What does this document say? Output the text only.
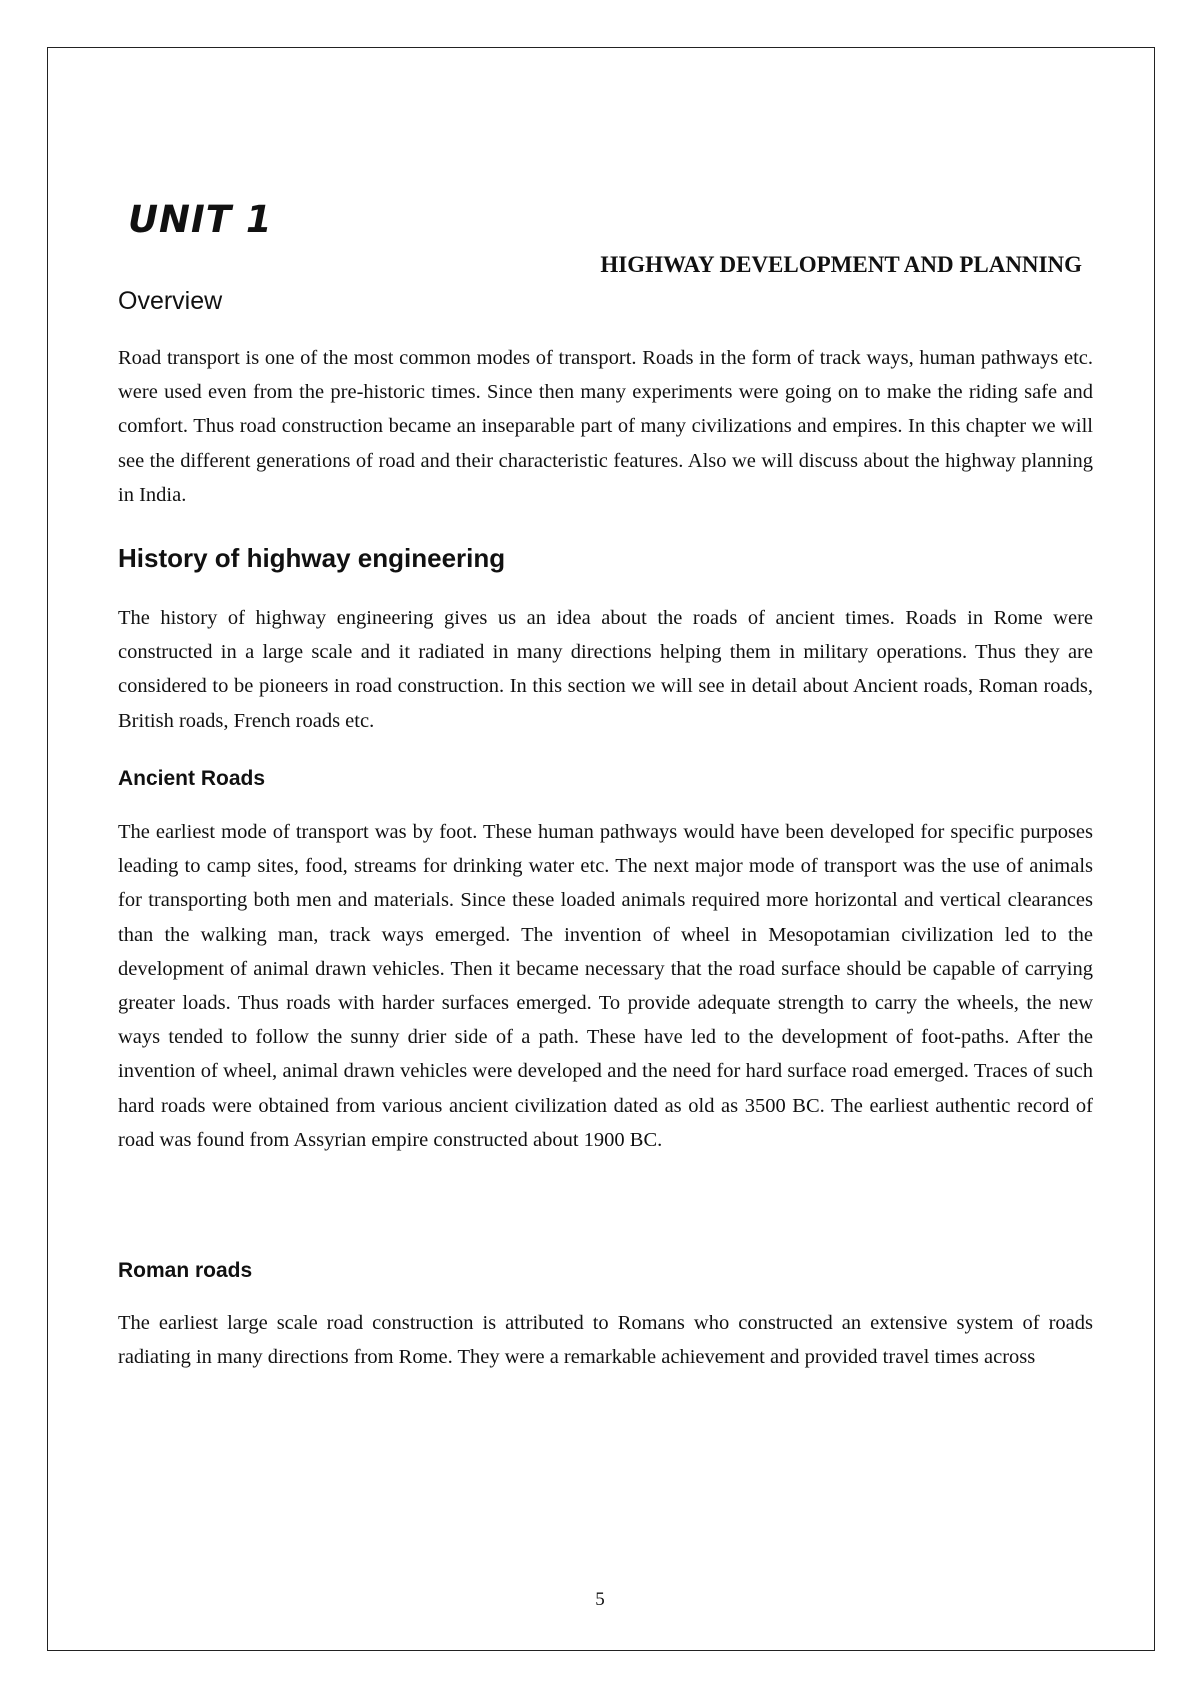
UNIT 1
HIGHWAY DEVELOPMENT AND PLANNING
Overview

Road transport is one of the most common modes of transport. Roads in the form of track ways, human pathways etc. were used even from the pre-historic times. Since then many experiments were going on to make the riding safe and comfort. Thus road construction became an inseparable part of many civilizations and empires. In this chapter we will see the different generations of road and their characteristic features. Also we will discuss about the highway planning in India.

History of highway engineering

The history of highway engineering gives us an idea about the roads of ancient times. Roads in Rome were constructed in a large scale and it radiated in many directions helping them in military operations. Thus they are considered to be pioneers in road construction. In this section we will see in detail about Ancient roads, Roman roads, British roads, French roads etc.

Ancient Roads

The earliest mode of transport was by foot. These human pathways would have been developed for specific purposes leading to camp sites, food, streams for drinking water etc. The next major mode of transport was the use of animals for transporting both men and materials. Since these loaded animals required more horizontal and vertical clearances than the walking man, track ways emerged. The invention of wheel in Mesopotamian civilization led to the development of animal drawn vehicles. Then it became necessary that the road surface should be capable of carrying greater loads. Thus roads with harder surfaces emerged. To provide adequate strength to carry the wheels, the new ways tended to follow the sunny drier side of a path. These have led to the development of foot-paths. After the invention of wheel, animal drawn vehicles were developed and the need for hard surface road emerged. Traces of such hard roads were obtained from various ancient civilization dated as old as 3500 BC. The earliest authentic record of road was found from Assyrian empire constructed about 1900 BC.

Roman roads

The earliest large scale road construction is attributed to Romans who constructed an extensive system of roads radiating in many directions from Rome. They were a remarkable achievement and provided travel times across

5
